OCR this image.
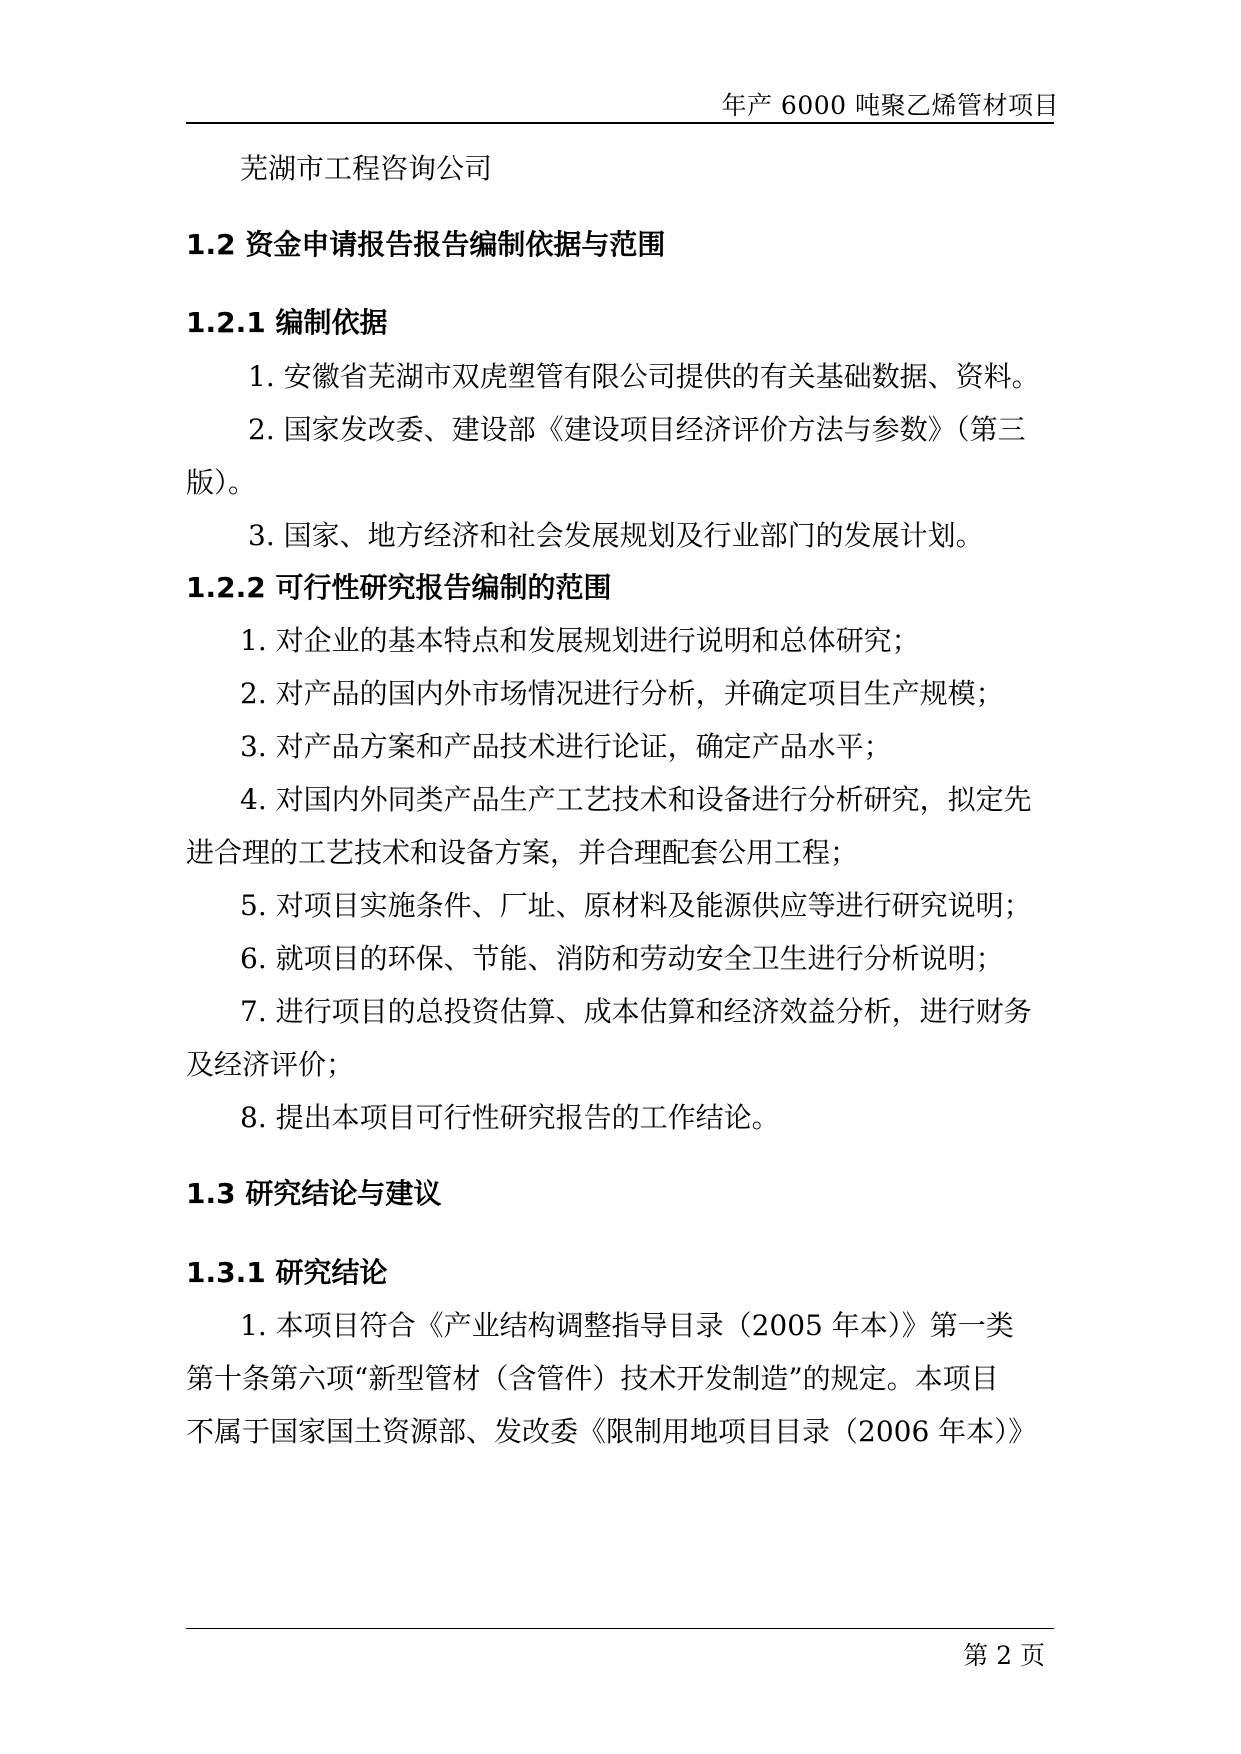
年产 6000 吨聚乙烯管材项目
芜湖市工程咨询公司
1.2 资金申请报告报告编制依据与范围
1.2.1 编制依据
1. 安徽省芜湖市双虎塑管有限公司提供的有关基础数据、资料。
2. 国家发改委、建设部《建设项目经济评价方法与参数》（第三
版）。
3. 国家、地方经济和社会发展规划及行业部门的发展计划。
1.2.2 可行性研究报告编制的范围
1. 对企业的基本特点和发展规划进行说明和总体研究；
2. 对产品的国内外市场情况进行分析，并确定项目生产规模；
3. 对产品方案和产品技术进行论证，确定产品水平；
4. 对国内外同类产品生产工艺技术和设备进行分析研究，拟定先
进合理的工艺技术和设备方案，并合理配套公用工程；
5. 对项目实施条件、厂址、原材料及能源供应等进行研究说明；
6. 就项目的环保、节能、消防和劳动安全卫生进行分析说明；
7. 进行项目的总投资估算、成本估算和经济效益分析，进行财务
及经济评价；
8. 提出本项目可行性研究报告的工作结论。
1.3 研究结论与建议
1.3.1 研究结论
1. 本项目符合《产业结构调整指导目录（2005 年本）》第一类
第十条第六项“新型管材（含管件）技术开发制造”的规定。本项目
不属于国家国土资源部、发改委《限制用地项目目录（2006 年本）》
第 2 页
